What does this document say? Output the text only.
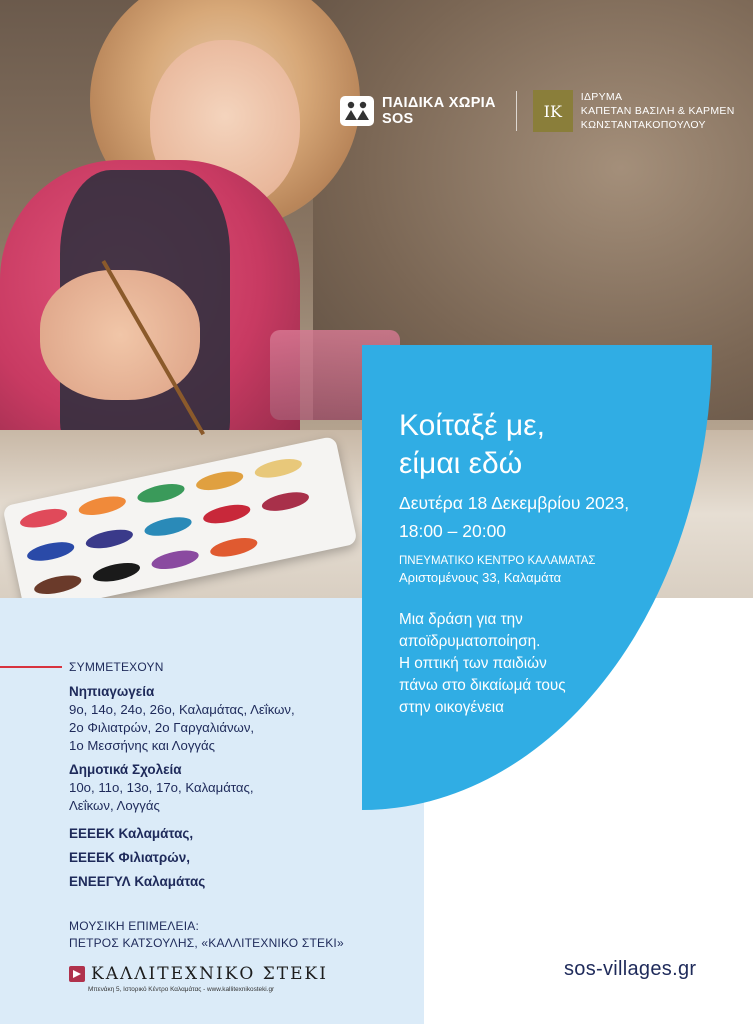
ΠΑΙΔΙΚΑ ΧΩΡΙΑ
SOS	IK
ΙΔΡΥΜΑ
ΚΑΠΕΤΑΝ ΒΑΣΙΛΗ & ΚΑΡΜΕΝ
ΚΩΝΣΤΑΝΤΑΚΟΠΟΥΛΟΥ
ΣΥΜΜΕΤΕΧΟΥΝ
Νηπιαγωγεία
9ο, 14ο, 24ο, 26ο, Καλαμάτας, Λεΐκων,
2ο Φιλιατρών, 2ο Γαργαλιάνων,
1ο Μεσσήνης και Λογγάς
Δημοτικά Σχολεία
10ο, 11ο, 13ο, 17ο, Καλαμάτας,
Λεΐκων, Λογγάς
ΕΕΕΕΚ Καλαμάτας,
ΕΕΕΕΚ Φιλιατρών,
ΕΝΕΕΓΥΛ Καλαμάτας
ΜΟΥΣΙΚΗ ΕΠΙΜΕΛΕΙΑ:
ΠΕΤΡΟΣ ΚΑΤΣΟΥΛΗΣ, «ΚΑΛΛΙΤΕΧΝΙΚΟ ΣΤΕΚΙ»
ΚΑΛΛΙΤΕΧΝΙΚΟ ΣΤΕΚΙ
Μπενάκη 5, Ιστορικό Κέντρο Καλαμάτας - www.kallitexnikosteki.gr
Κοίταξέ με,
είμαι εδώ
Δευτέρα 18 Δεκεμβρίου 2023,
18:00 – 20:00
ΠΝΕΥΜΑΤΙΚΟ ΚΕΝΤΡΟ ΚΑΛΑΜΑΤΑΣ
Αριστομένους 33, Καλαμάτα
Μια δράση για την
αποϊδρυματοποίηση.
Η οπτική των παιδιών
πάνω στο δικαίωμά τους
στην οικογένεια
sos-villages.gr
